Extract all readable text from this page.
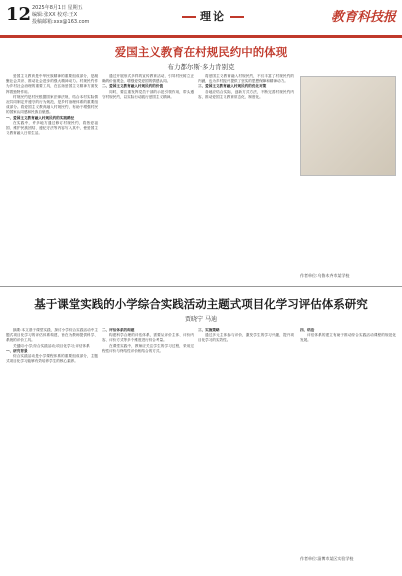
12 2025年8月1日 星期五
编辑:张XX 校对:王X
投稿邮箱:xxx@163.com	理论	教育科技报
爱国主义教育在村规民约中的体现
布力都尔斯·多力肯别克

爱国主义教育是中华民族精神的重要组成部分，是凝聚社会共识、推动社会进步的强大精神动力。村规民约作为乡村社会治理的重要工具，在弘扬爱国主义精神方面发挥着独特作用。

村规民约是村民根据国家法律法规，结合本村实际情况共同制定并遵守的行为规范，是乡村治理体系的重要组成部分。将爱国主义教育融入村规民约，有助于增强村民的国家认同感和民族自豪感。

一、爱国主义教育融入村规民约的实践路径

在实践中，许多地方通过修订村规民约，将热爱祖国、维护民族团结、遵纪守法等内容写入其中，使爱国主义教育融入日常生活。

通过开展形式多样的宣传教育活动，引导村民树立正确的价值观念，增强爱党爱国的情感认同。

二、爱国主义教育融入村规民约的价值

同时，要注重发挥党员干部的示范引领作用，带头遵守村规民约，以实际行动践行爱国主义精神。

将爱国主义教育融入村规民约，不仅丰富了村规民约的内涵，也为乡村振兴提供了坚实的思想保障和精神动力。

三、爱国主义教育融入村规民约的优化对策

各地应结合实际，创新方式方法，不断完善村规民约内容，推动爱国主义教育常态化、制度化。

作者单位:乌鲁木齐市某学校
基于课堂实践的小学综合实践活动主题式项目化学习评估体系研究
贾晓宁 马迪

摘要:本文基于课堂实践，探讨小学综合实践活动中主题式项目化学习的评估体系构建，旨在为教师提供科学、系统的评价工具。

关键词:小学;综合实践活动;项目化学习;评估体系

一、研究背景

综合实践活动是小学课程体系的重要组成部分，主题式项目化学习能够有效培养学生的核心素养。

二、评估体系的构建

构建科学合理的评估体系，需要从评价主体、评价内容、评价方式等多个维度进行综合考量。

在课堂实践中，教师应关注学生的学习过程，采用过程性评价与终结性评价相结合的方式。

三、实施策略

通过多元主体参与评价，激发学生的学习兴趣，提升项目化学习的实效性。

四、结语

评估体系的建立有助于推动综合实践活动课程的规范化发展。

作者单位:淄博市某区实验学校
